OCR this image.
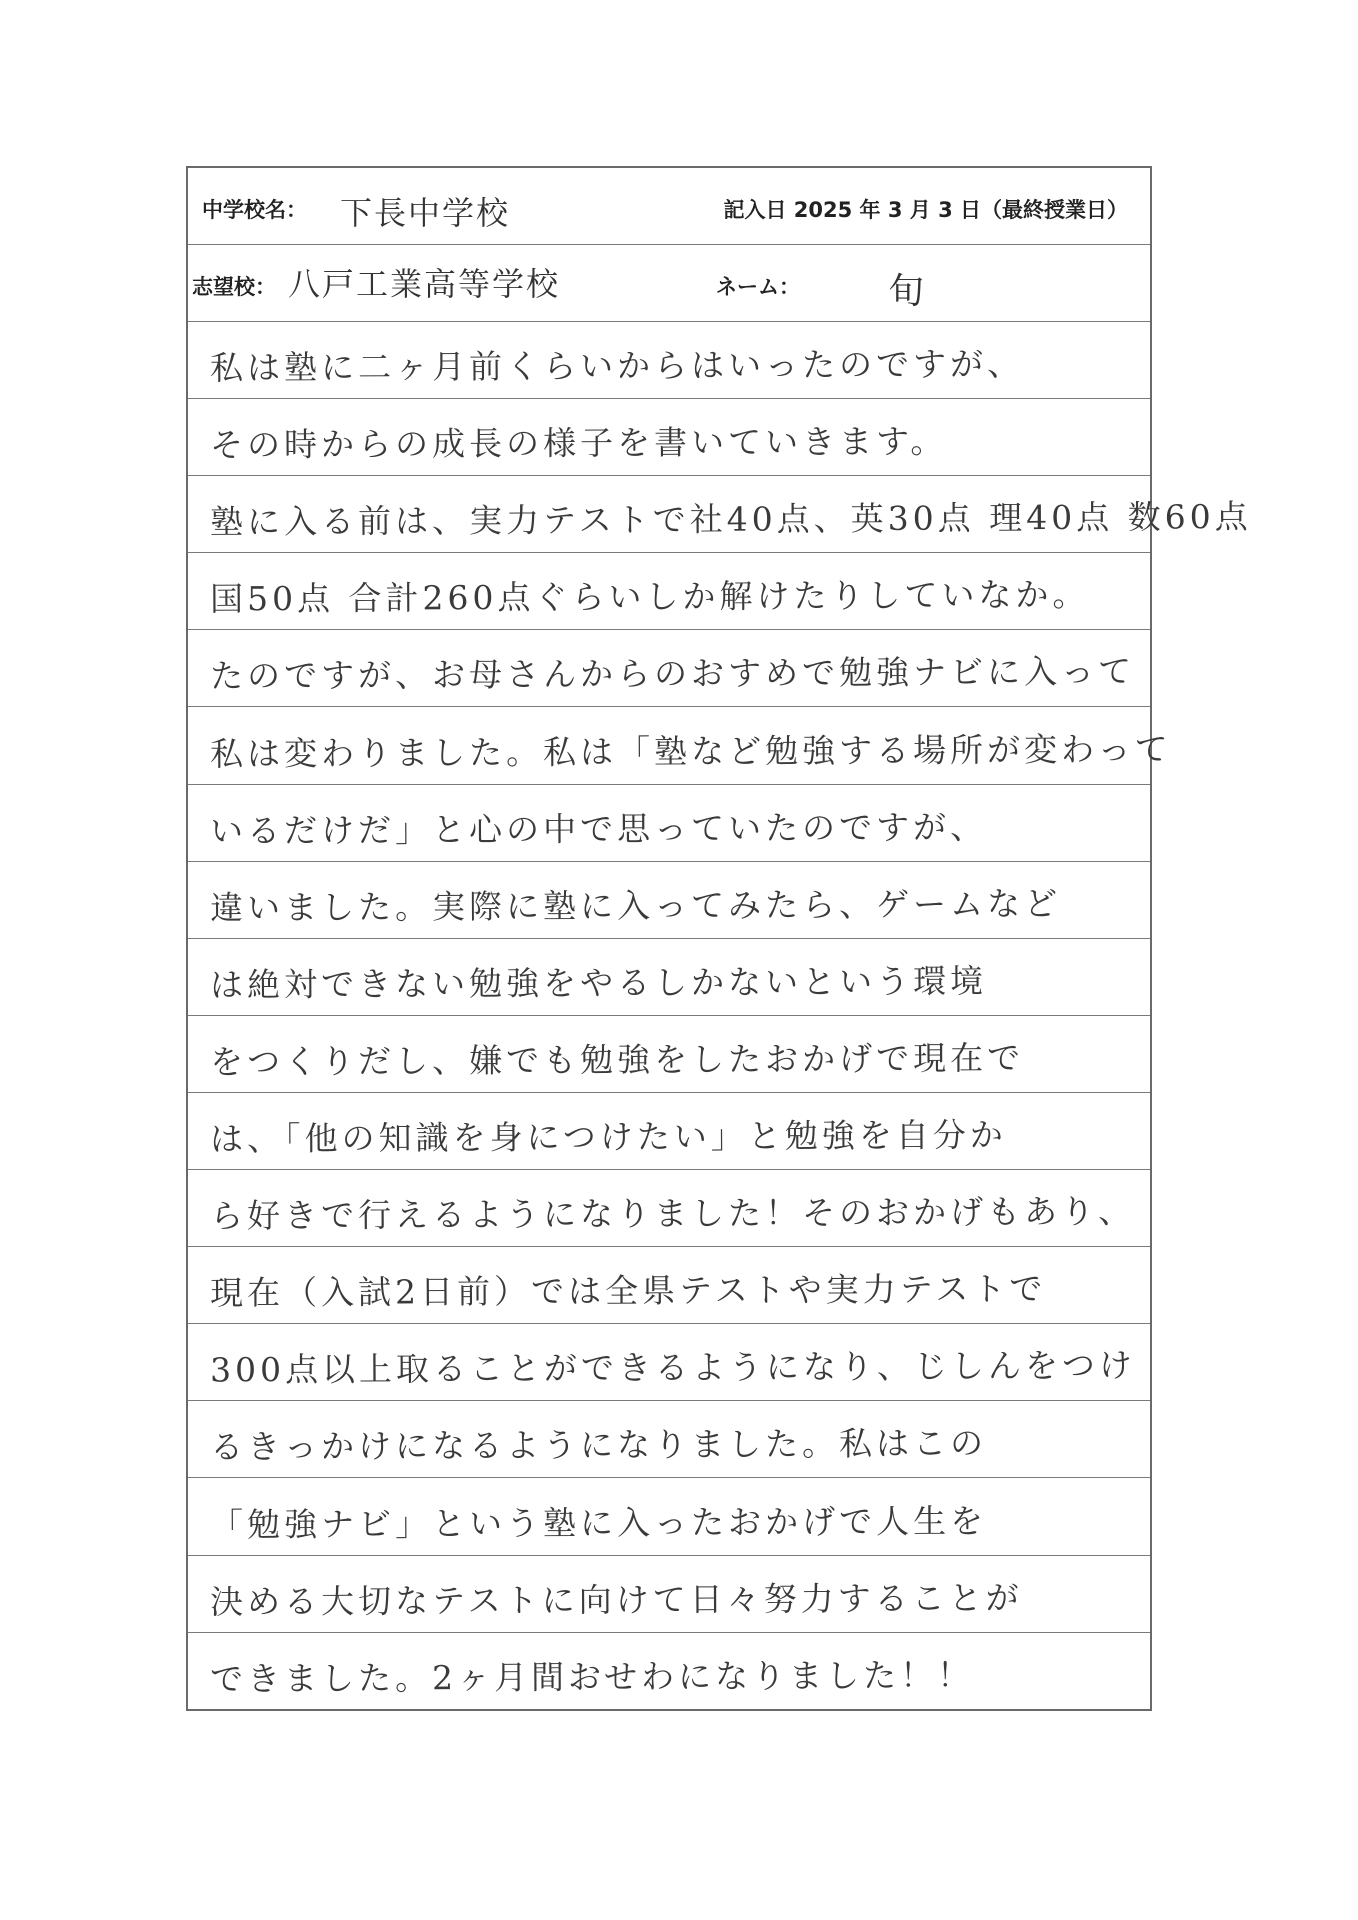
中学校名： 下長中学校	記入日 2025 年 3 月 3 日（最終授業日）
志望校： 八戸工業高等学校	ネーム： 旬
私は塾に二ヶ月前くらいからはいったのですが、
その時からの成長の様子を書いていきます。
塾に入る前は、実力テストで社40点、英30点 理40点 数60点
国50点 合計260点ぐらいしか解けたりしていなか。
たのですが、お母さんからのおすめで勉強ナビに入って
私は変わりました。私は「塾など勉強する場所が変わって
いるだけだ」と心の中で思っていたのですが、
違いました。実際に塾に入ってみたら、ゲームなど
は絶対できない勉強をやるしかないという環境
をつくりだし、嫌でも勉強をしたおかげで現在で
は、「他の知識を身につけたい」と勉強を自分か
ら好きで行えるようになりました！そのおかげもあり、
現在（入試2日前）では全県テストや実力テストで
300点以上取ることができるようになり、じしんをつけ
るきっかけになるようになりました。私はこの
「勉強ナビ」という塾に入ったおかげで人生を
決める大切なテストに向けて日々努力することが
できました。2ヶ月間おせわになりました！！
